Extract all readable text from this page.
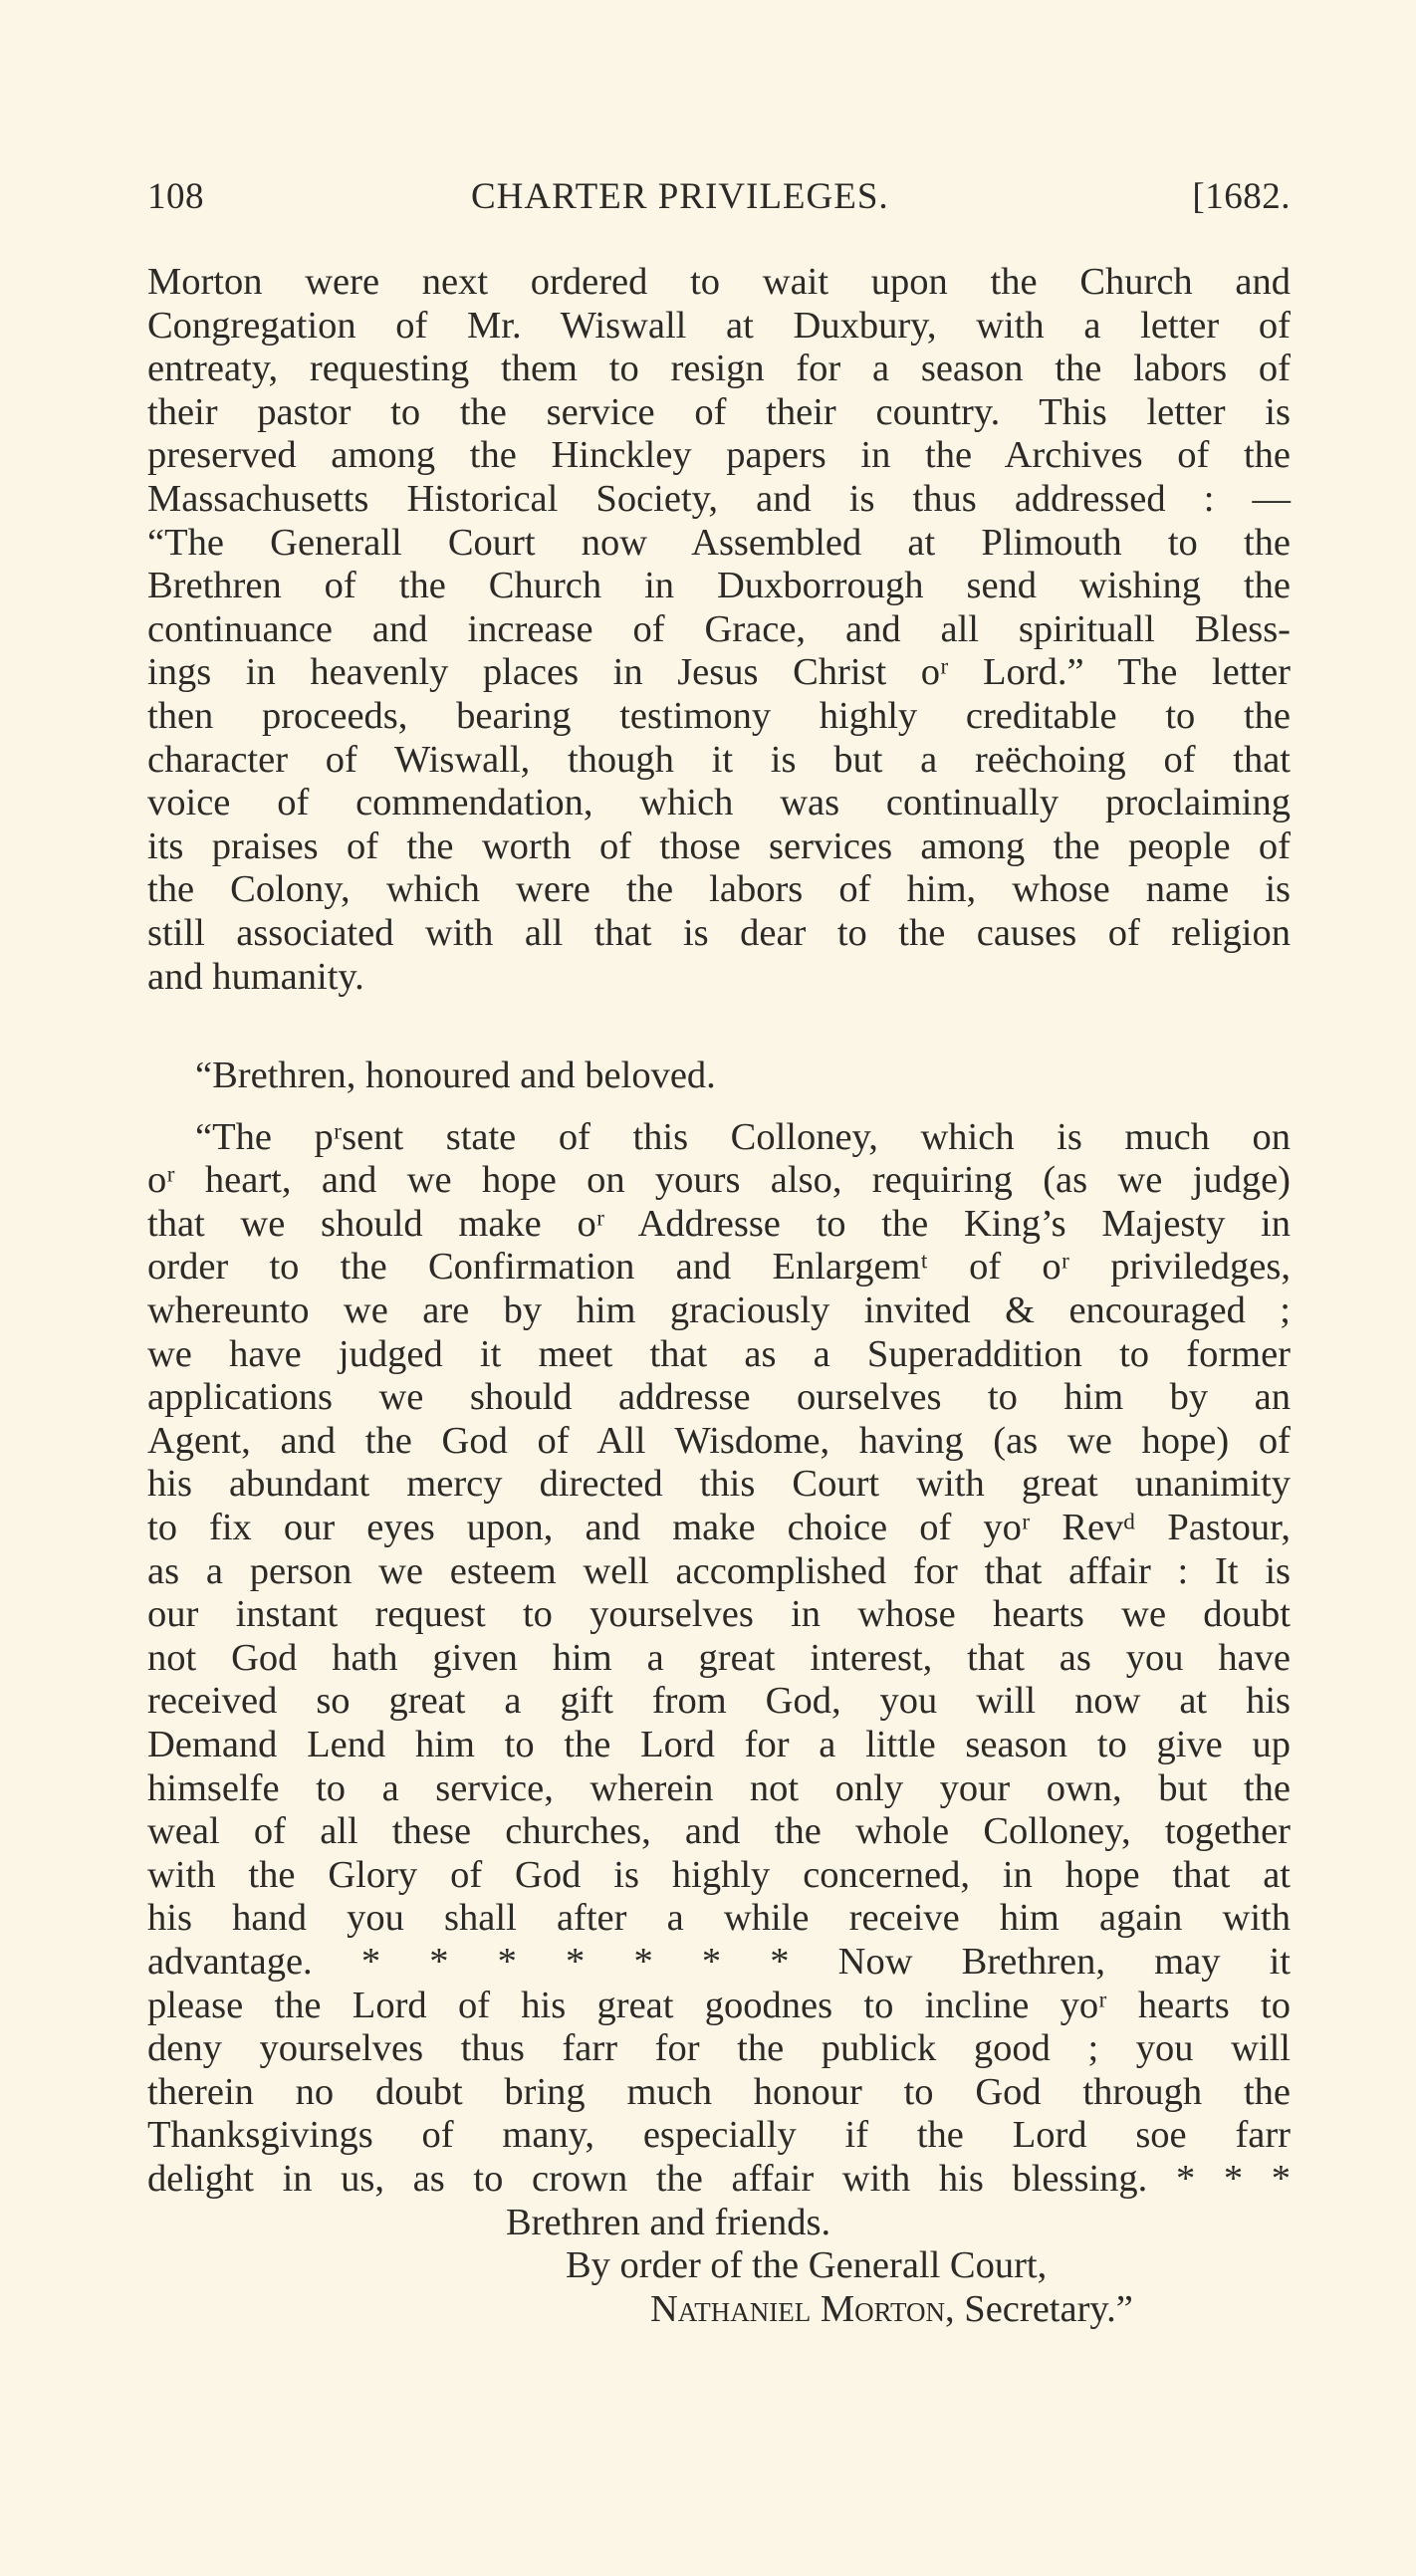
108	CHARTER PRIVILEGES.	[1682.
Morton were next ordered to wait upon the Church and
Congregation of Mr. Wiswall at Duxbury, with a letter of
entreaty, requesting them to resign for a season the labors of
their pastor to the service of their country. This letter is
preserved among the Hinckley papers in the Archives of the
Massachusetts Historical Society, and is thus addressed : —
“The Generall Court now Assembled at Plimouth to the
Brethren of the Church in Duxborrough send wishing the
continuance and increase of Grace, and all spirituall Bless-
ings in heavenly places in Jesus Christ oʳ Lord.” The letter
then proceeds, bearing testimony highly creditable to the
character of Wiswall, though it is but a reëchoing of that
voice of commendation, which was continually proclaiming
its praises of the worth of those services among the people of
the Colony, which were the labors of him, whose name is
still associated with all that is dear to the causes of religion
and humanity.
“Brethren, honoured and beloved.
“The pʳsent state of this Colloney, which is much on
oʳ heart, and we hope on yours also, requiring (as we judge)
that we should make oʳ Addresse to the King’s Majesty in
order to the Confirmation and Enlargemᵗ of oʳ priviledges,
whereunto we are by him graciously invited & encouraged ;
we have judged it meet that as a Superaddition to former
applications we should addresse ourselves to him by an
Agent, and the God of All Wisdome, having (as we hope) of
his abundant mercy directed this Court with great unanimity
to fix our eyes upon, and make choice of yoʳ Revᵈ Pastour,
as a person we esteem well accomplished for that affair : It is
our instant request to yourselves in whose hearts we doubt
not God hath given him a great interest, that as you have
received so great a gift from God, you will now at his
Demand Lend him to the Lord for a little season to give up
himselfe to a service, wherein not only your own, but the
weal of all these churches, and the whole Colloney, together
with the Glory of God is highly concerned, in hope that at
his hand you shall after a while receive him again with
advantage. * * * * * * * Now Brethren, may it
please the Lord of his great goodnes to incline yoʳ hearts to
deny yourselves thus farr for the publick good ; you will
therein no doubt bring much honour to God through the
Thanksgivings of many, especially if the Lord soe farr
delight in us, as to crown the affair with his blessing. * * *
Brethren and friends.
By order of the Generall Court,
Nathaniel Morton, Secretary.”
